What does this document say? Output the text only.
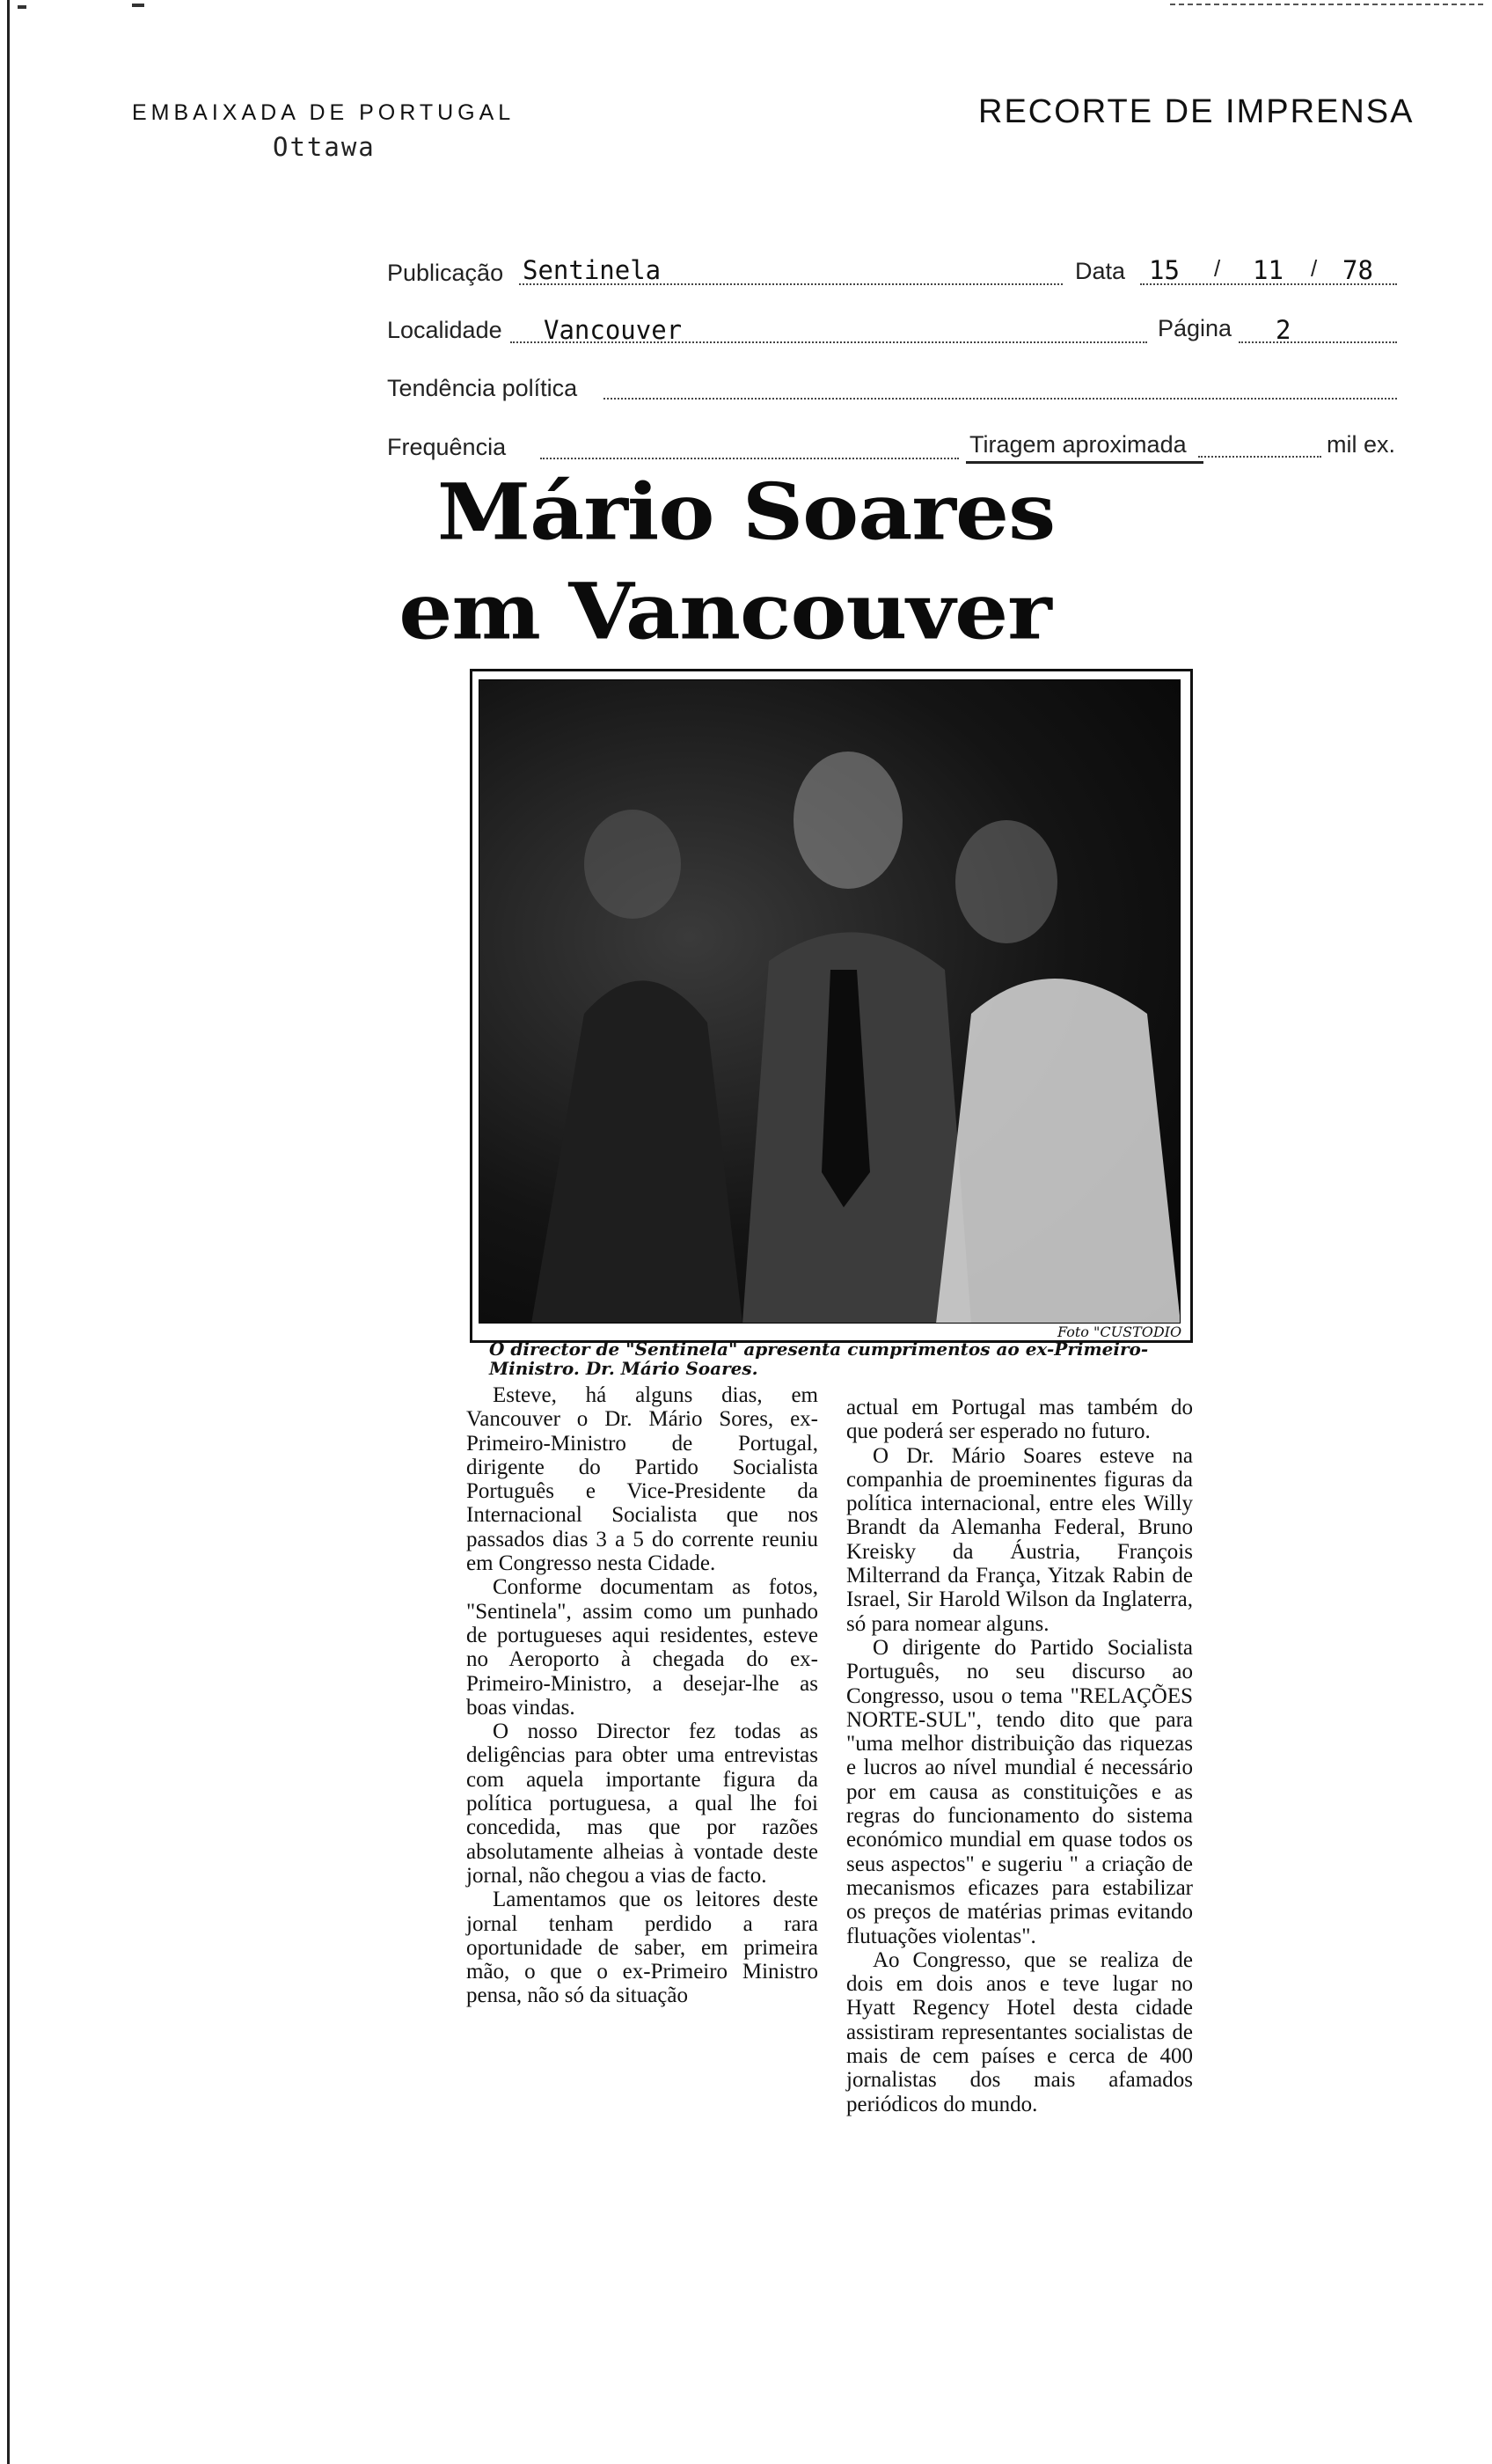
EMBAIXADA DE PORTUGAL
Ottawa
RECORTE DE IMPRENSA
Publicação Sentinela	Data 15 / 11 / 78
Localidade Vancouver	Página 2
Tendência política
Frequência	Tiragem aproximada	mil ex.
Mário Soares
em Vancouver
Foto "CUSTODIO
O director de "Sentinela" apresenta cumprimentos ao ex-Primeiro-Ministro. Dr. Mário Soares.

Esteve, há alguns dias, em Vancouver o Dr. Mário Sores, ex-Primeiro-Ministro de Portugal, dirigente do Partido Socialista Português e Vice-Presidente da Internacional Socialista que nos passados dias 3 a 5 do corrente reuniu em Congresso nesta Cidade.

Conforme documentam as fotos, "Sentinela", assim como um punhado de portugueses aqui residentes, esteve no Aeroporto à chegada do ex-Primeiro-Ministro, a desejar-lhe as boas vindas.

O nosso Director fez todas as deligências para obter uma entrevistas com aquela importante figura da política portuguesa, a qual lhe foi concedida, mas que por razões absolutamente alheias à vontade deste jornal, não chegou a vias de facto.

Lamentamos que os leitores deste jornal tenham perdido a rara oportunidade de saber, em primeira mão, o que o ex-Primeiro Ministro pensa, não só da situação

actual em Portugal mas também do que poderá ser esperado no futuro.

O Dr. Mário Soares esteve na companhia de proeminentes figuras da política internacional, entre eles Willy Brandt da Alemanha Federal, Bruno Kreisky da Áustria, François Milterrand da França, Yitzak Rabin de Israel, Sir Harold Wilson da Inglaterra, só para nomear alguns.

O dirigente do Partido Socialista Português, no seu discurso ao Congresso, usou o tema "RELAÇÕES NORTE-SUL", tendo dito que para "uma melhor distribuição das riquezas e lucros ao nível mundial é necessário por em causa as constituições e as regras do funcionamento do sistema económico mundial em quase todos os seus aspectos" e sugeriu " a criação de mecanismos eficazes para estabilizar os preços de matérias primas evitando flutuações violentas".

Ao Congresso, que se realiza de dois em dois anos e teve lugar no Hyatt Regency Hotel desta cidade assistiram representantes socialistas de mais de cem países e cerca de 400 jornalistas dos mais afamados periódicos do mundo.
